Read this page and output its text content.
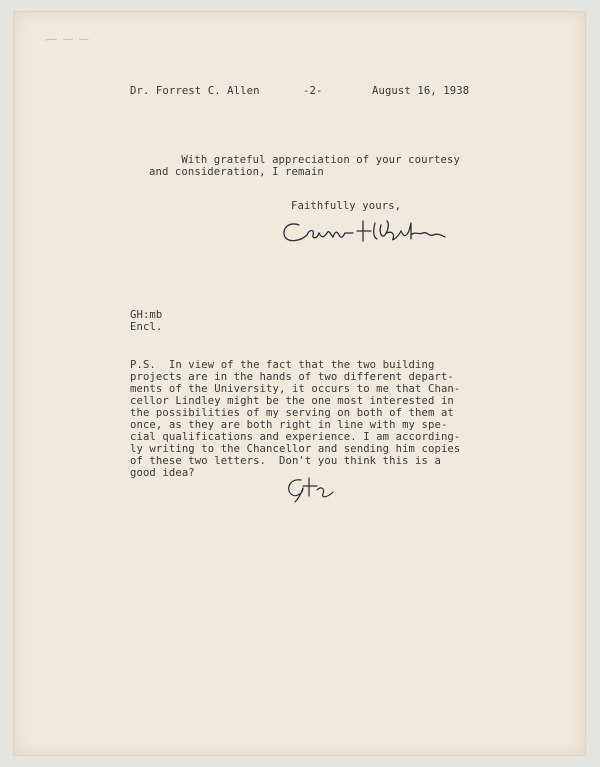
Dr. Forrest C. Allen	-2-	August 16, 1938
With grateful appreciation of your courtesy
and consideration, I remain
Faithfully yours,
GH:mb
Encl.
P.S.  In view of the fact that the two building
projects are in the hands of two different depart-
ments of the University, it occurs to me that Chan-
cellor Lindley might be the one most interested in
the possibilities of my serving on both of them at
once, as they are both right in line with my spe-
cial qualifications and experience. I am according-
ly writing to the Chancellor and sending him copies
of these two letters.  Don't you think this is a
good idea?
